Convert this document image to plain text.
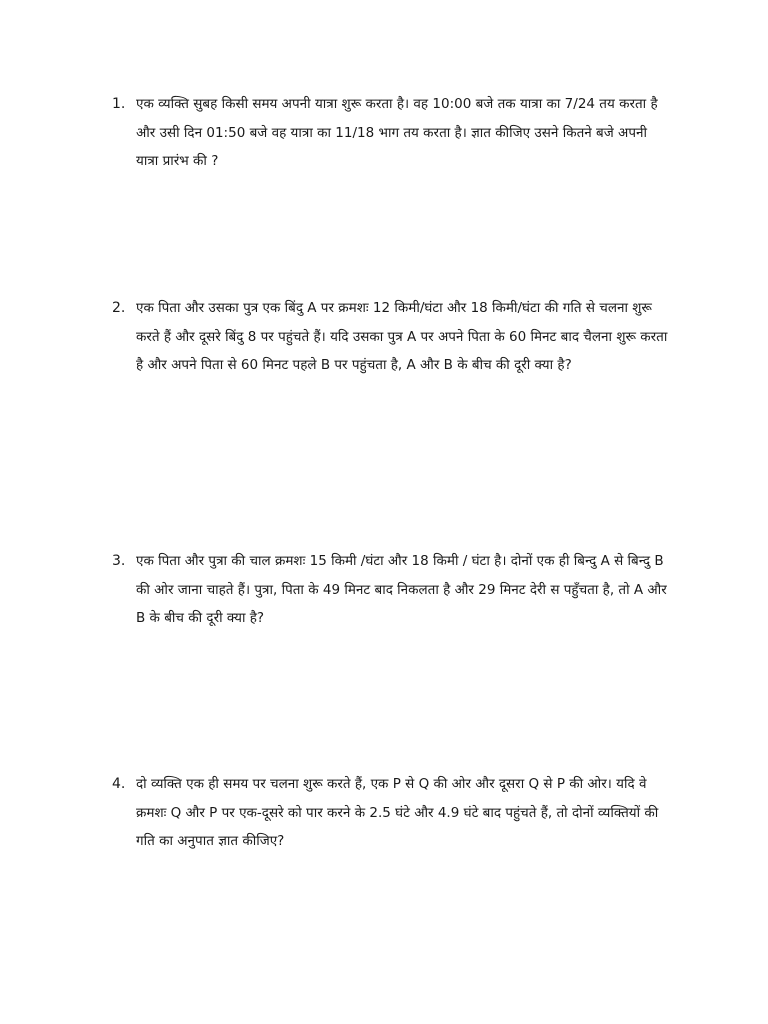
1. एक व्यक्ति सुबह किसी समय अपनी यात्रा शुरू करता है। वह 10:00 बजे तक यात्रा का 7/24 तय करता है और उसी दिन 01:50 बजे वह यात्रा का 11/18 भाग तय करता है। ज्ञात कीजिए उसने कितने बजे अपनी यात्रा प्रारंभ की ?
2. एक पिता और उसका पुत्र एक बिंदु A पर क्रमशः 12 किमी/घंटा और 18 किमी/घंटा की गति से चलना शुरू करते हैं और दूसरे बिंदु 8 पर पहुंचते हैं। यदि उसका पुत्र A पर अपने पिता के 60 मिनट बाद चैलना शुरू करता है और अपने पिता से 60 मिनट पहले B पर पहुंचता है, A और B के बीच की दूरी क्या है?
3. एक पिता और पुत्रा की चाल क्रमशः 15 किमी /घंटा और 18 किमी / घंटा है। दोनों एक ही बिन्दु A से बिन्दु B की ओर जाना चाहते हैं। पुत्रा, पिता के 49 मिनट बाद निकलता है और 29 मिनट देरी स पहुँचता है, तो A और B के बीच की दूरी क्या है?
4. दो व्यक्ति एक ही समय पर चलना शुरू करते हैं, एक P से Q की ओर और दूसरा Q से P की ओर। यदि वे क्रमशः Q और P पर एक-दूसरे को पार करने के 2.5 घंटे और 4.9 घंटे बाद पहुंचते हैं, तो दोनों व्यक्तियों की गति का अनुपात ज्ञात कीजिए?
